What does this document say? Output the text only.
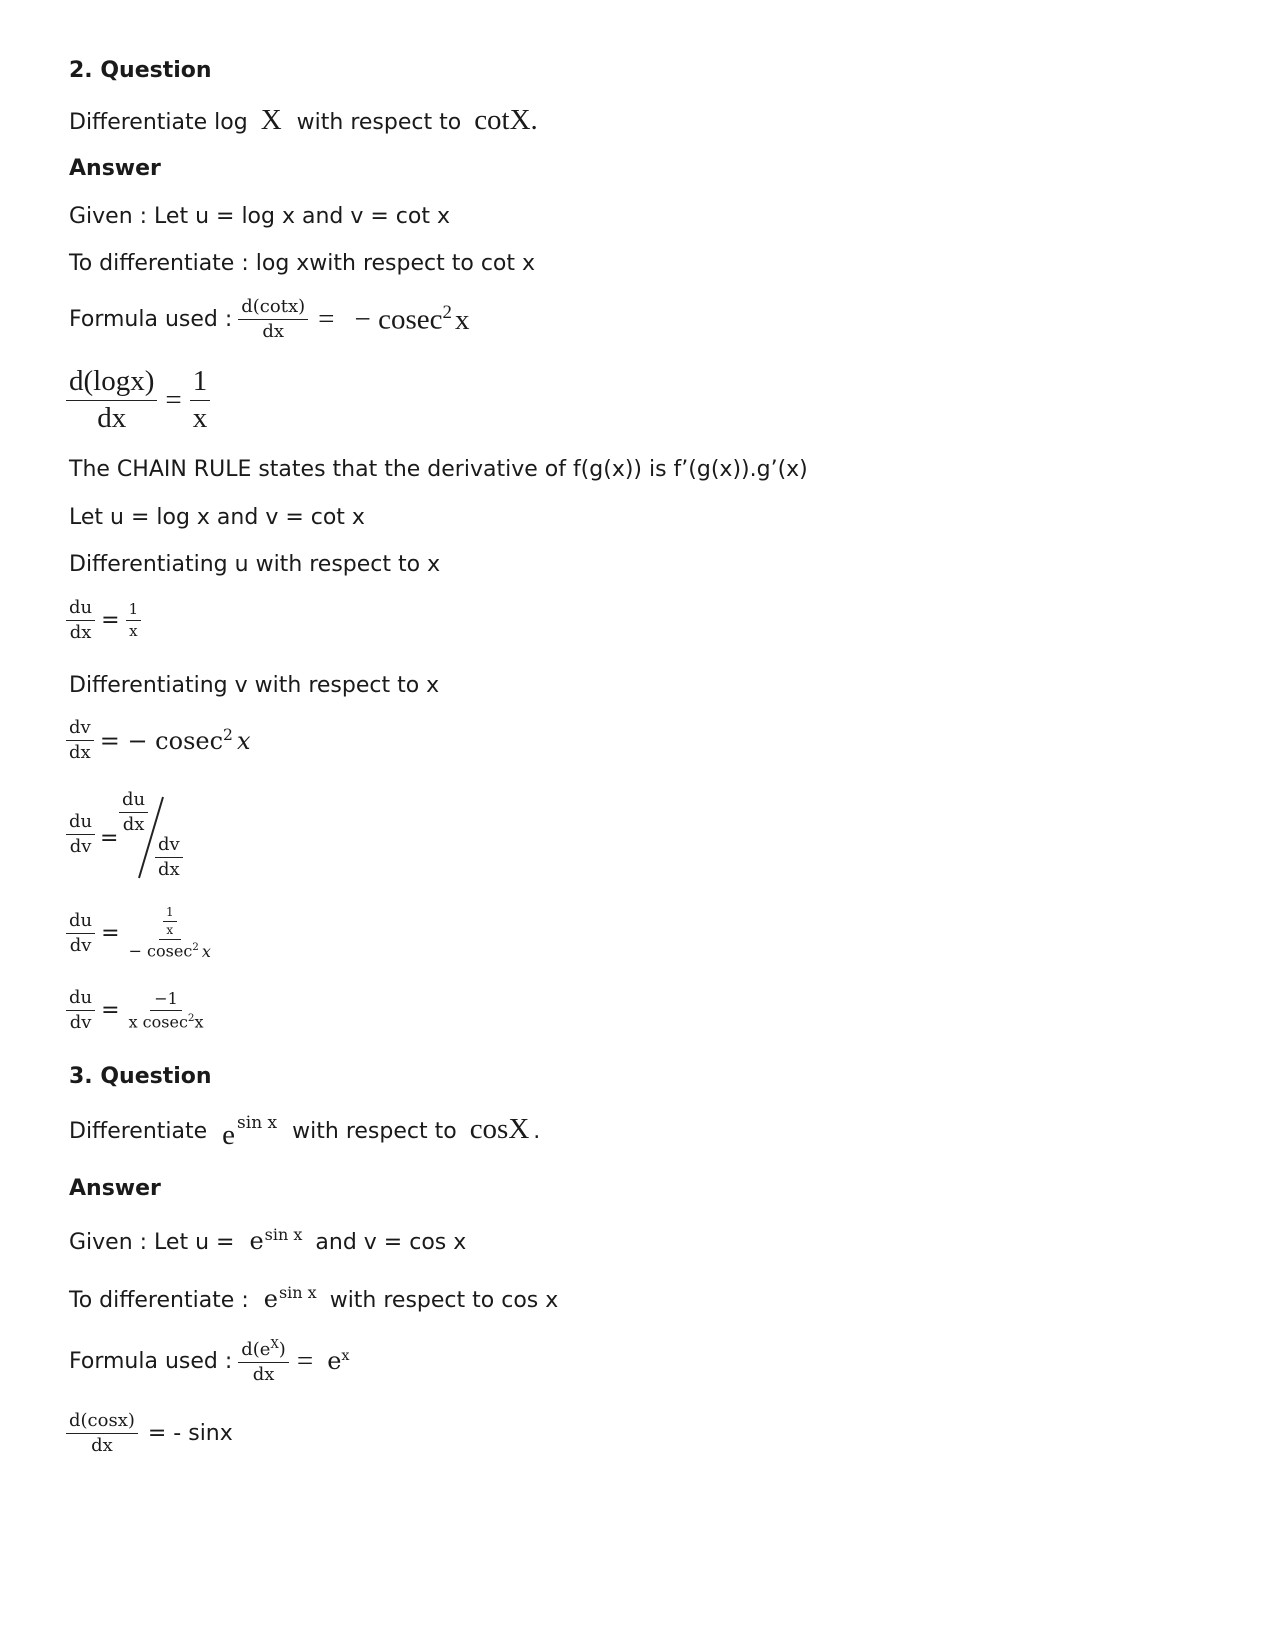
2. Question
Differentiate log X with respect to cotX.
Answer
Given : Let u = log x and v = cot x
To differentiate : log xwith respect to cot x
Formula used : $\frac{d(\cot x)}{dx}$ = − cosec$^2$ x
$\frac{d(\log x)}{dx} = \frac{1}{x}$
The CHAIN RULE states that the derivative of f(g(x)) is f’(g(x)).g’(x)
Let u = log x and v = cot x
Differentiating u with respect to x
$\frac{du}{dx} = \frac{1}{x}$
Differentiating v with respect to x
$\frac{dv}{dx}$ = − cosec$^2$ x
$\frac{du}{dv}$ =
$\frac{du}{dx}$
$\frac{dv}{dx}$
$\frac{du}{dv} = \frac{\frac{1}{x}}{- cosec^2 x}$
$\frac{du}{dv} = \frac{-1}{x cosec^2x}$
3. Question
Differentiate e $^{sin x}$ with respect to cosX .
Answer
Given : Let $u = e^{sin x}$ and v = cos x
To differentiate : $e^{sin x}$ with respect to cos x
Formula used : $\frac{d(e^X)}{dx} = e^x$
$\frac{d(\cos x)}{dx}$ = - sinx
